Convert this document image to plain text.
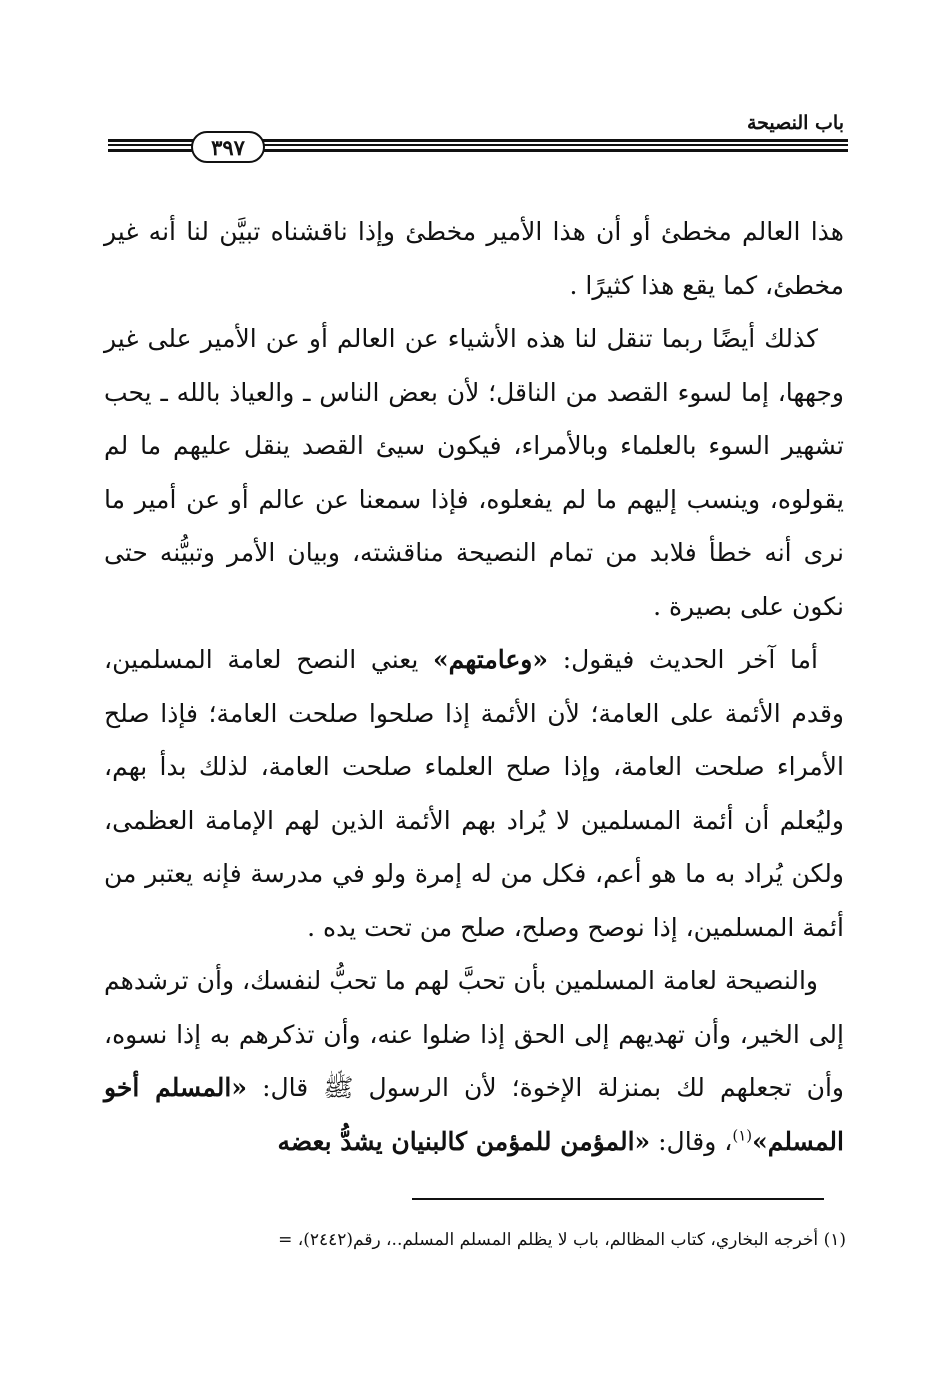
باب النصيحة
٣٩٧

هذا العالم مخطئ أو أن هذا الأمير مخطئ وإذا ناقشناه تبيَّن لنا أنه غير مخطئ، كما يقع هذا كثيرًا .

كذلك أيضًا ربما تنقل لنا هذه الأشياء عن العالم أو عن الأمير على غير وجهها، إما لسوء القصد من الناقل؛ لأن بعض الناس ـ والعياذ بالله ـ يحب تشهير السوء بالعلماء وبالأمراء، فيكون سيئ القصد ينقل عليهم ما لم يقولوه، وينسب إليهم ما لم يفعلوه، فإذا سمعنا عن عالم أو عن أمير ما نرى أنه خطأ فلابد من تمام النصيحة مناقشته، وبيان الأمر وتبيُّنه حتى نكون على بصيرة .

أما آخر الحديث فيقول: «وعامتهم» يعني النصح لعامة المسلمين، وقدم الأئمة على العامة؛ لأن الأئمة إذا صلحوا صلحت العامة؛ فإذا صلح الأمراء صلحت العامة، وإذا صلح العلماء صلحت العامة، لذلك بدأ بهم، وليُعلم أن أئمة المسلمين لا يُراد بهم الأئمة الذين لهم الإمامة العظمى، ولكن يُراد به ما هو أعم، فكل من له إمرة ولو في مدرسة فإنه يعتبر من أئمة المسلمين، إذا نوصح وصلح، صلح من تحت يده .

والنصيحة لعامة المسلمين بأن تحبَّ لهم ما تحبُّ لنفسك، وأن ترشدهم إلى الخير، وأن تهديهم إلى الحق إذا ضلوا عنه، وأن تذكرهم به إذا نسوه، وأن تجعلهم لك بمنزلة الإخوة؛ لأن الرسول ﷺ قال: «المسلم أخو المسلم»$^{(١)}$، وقال: «المؤمن للمؤمن كالبنيان يشدُّ بعضه

(١) أخرجه البخاري، كتاب المظالم، باب لا يظلم المسلم المسلم..، رقم(٢٤٤٢)، =
